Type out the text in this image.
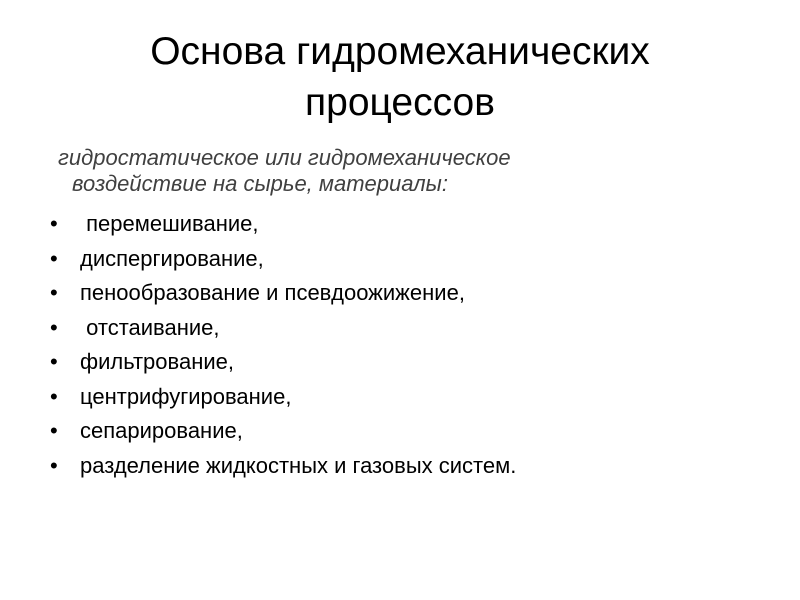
Основа гидромеханических
процессов
гидростатическое или гидромеханическое
воздействие на сырье, материалы:

•

	перемешивание,

•

	диспергирование,

•

	пенообразование и псевдоожижение,

•

	отстаивание,

•

	фильтрование,

•

	центрифугирование,

•

	сепарирование,

•

	разделение жидкостных и газовых систем.
